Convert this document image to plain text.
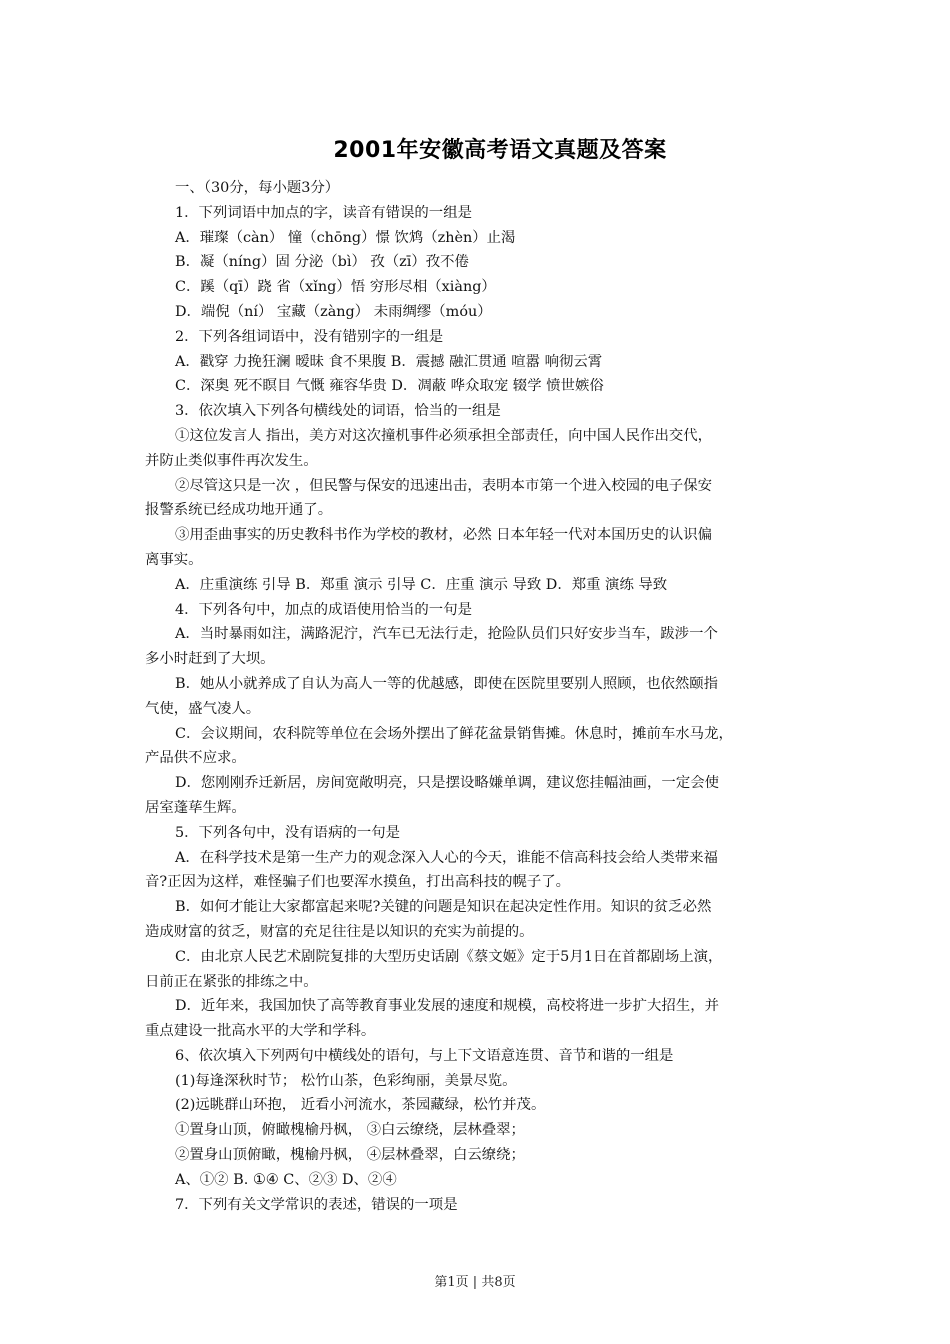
2001年安徽高考语文真题及答案
一、（30分，每小题3分）
1．下列词语中加点的字，读音有错误的一组是
A．璀璨（càn） 憧（chōng）憬 饮鸩（zhèn）止渴
B．凝（níng）固 分泌（bì） 孜（zī）孜不倦
C．蹊（qī）跷 省（xǐng）悟 穷形尽相（xiàng）
D．端倪（ní） 宝藏（zàng） 未雨绸缪（móu）
2．下列各组词语中，没有错别字的一组是
A．戳穿 力挽狂澜 暧昧 食不果腹 B．震撼 融汇贯通 喧嚣 响彻云霄
C．深奥 死不瞑目 气慨 雍容华贵 D．凋蔽 哗众取宠 辍学 愤世嫉俗
3．依次填入下列各句横线处的词语，恰当的一组是
①这位发言人 指出，美方对这次撞机事件必须承担全部责任，向中国人民作出交代，
并防止类似事件再次发生。
②尽管这只是一次 ，但民警与保安的迅速出击，表明本市第一个进入校园的电子保安
报警系统已经成功地开通了。
③用歪曲事实的历史教科书作为学校的教材，必然 日本年轻一代对本国历史的认识偏
离事实。
A．庄重演练 引导 B．郑重 演示 引导 C．庄重 演示 导致 D．郑重 演练 导致
4．下列各句中，加点的成语使用恰当的一句是
A．当时暴雨如注，满路泥泞，汽车已无法行走，抢险队员们只好安步当车，跋涉一个
多小时赶到了大坝。
B．她从小就养成了自认为高人一等的优越感，即使在医院里要别人照顾，也依然颐指
气使，盛气凌人。
C．会议期间，农科院等单位在会场外摆出了鲜花盆景销售摊。休息时，摊前车水马龙，
产品供不应求。
D．您刚刚乔迁新居，房间宽敞明亮，只是摆设略嫌单调，建议您挂幅油画，一定会使
居室蓬荜生辉。
5．下列各句中，没有语病的一句是
A．在科学技术是第一生产力的观念深入人心的今天，谁能不信高科技会给人类带来福
音?正因为这样，难怪骗子们也要浑水摸鱼，打出高科技的幌子了。
B．如何才能让大家都富起来呢?关键的问题是知识在起决定性作用。知识的贫乏必然
造成财富的贫乏，财富的充足往往是以知识的充实为前提的。
C．由北京人民艺术剧院复排的大型历史话剧《蔡文姬》定于5月1日在首都剧场上演，
日前正在紧张的排练之中。
D．近年来，我国加快了高等教育事业发展的速度和规模，高校将进一步扩大招生，并
重点建设一批高水平的大学和学科。
6、依次填入下列两句中横线处的语句，与上下文语意连贯、音节和谐的一组是
(1)每逢深秋时节； 松竹山茶，色彩绚丽，美景尽览。
(2)远眺群山环抱， 近看小河流水，茶园藏绿，松竹并茂。
①置身山顶，俯瞰槐榆丹枫， ③白云缭绕，层林叠翠；
②置身山顶俯瞰，槐榆丹枫， ④层林叠翠，白云缭绕；
A、①② B. ①④ C、②③ D、②④
7．下列有关文学常识的表述，错误的一项是
第1页 | 共8页
